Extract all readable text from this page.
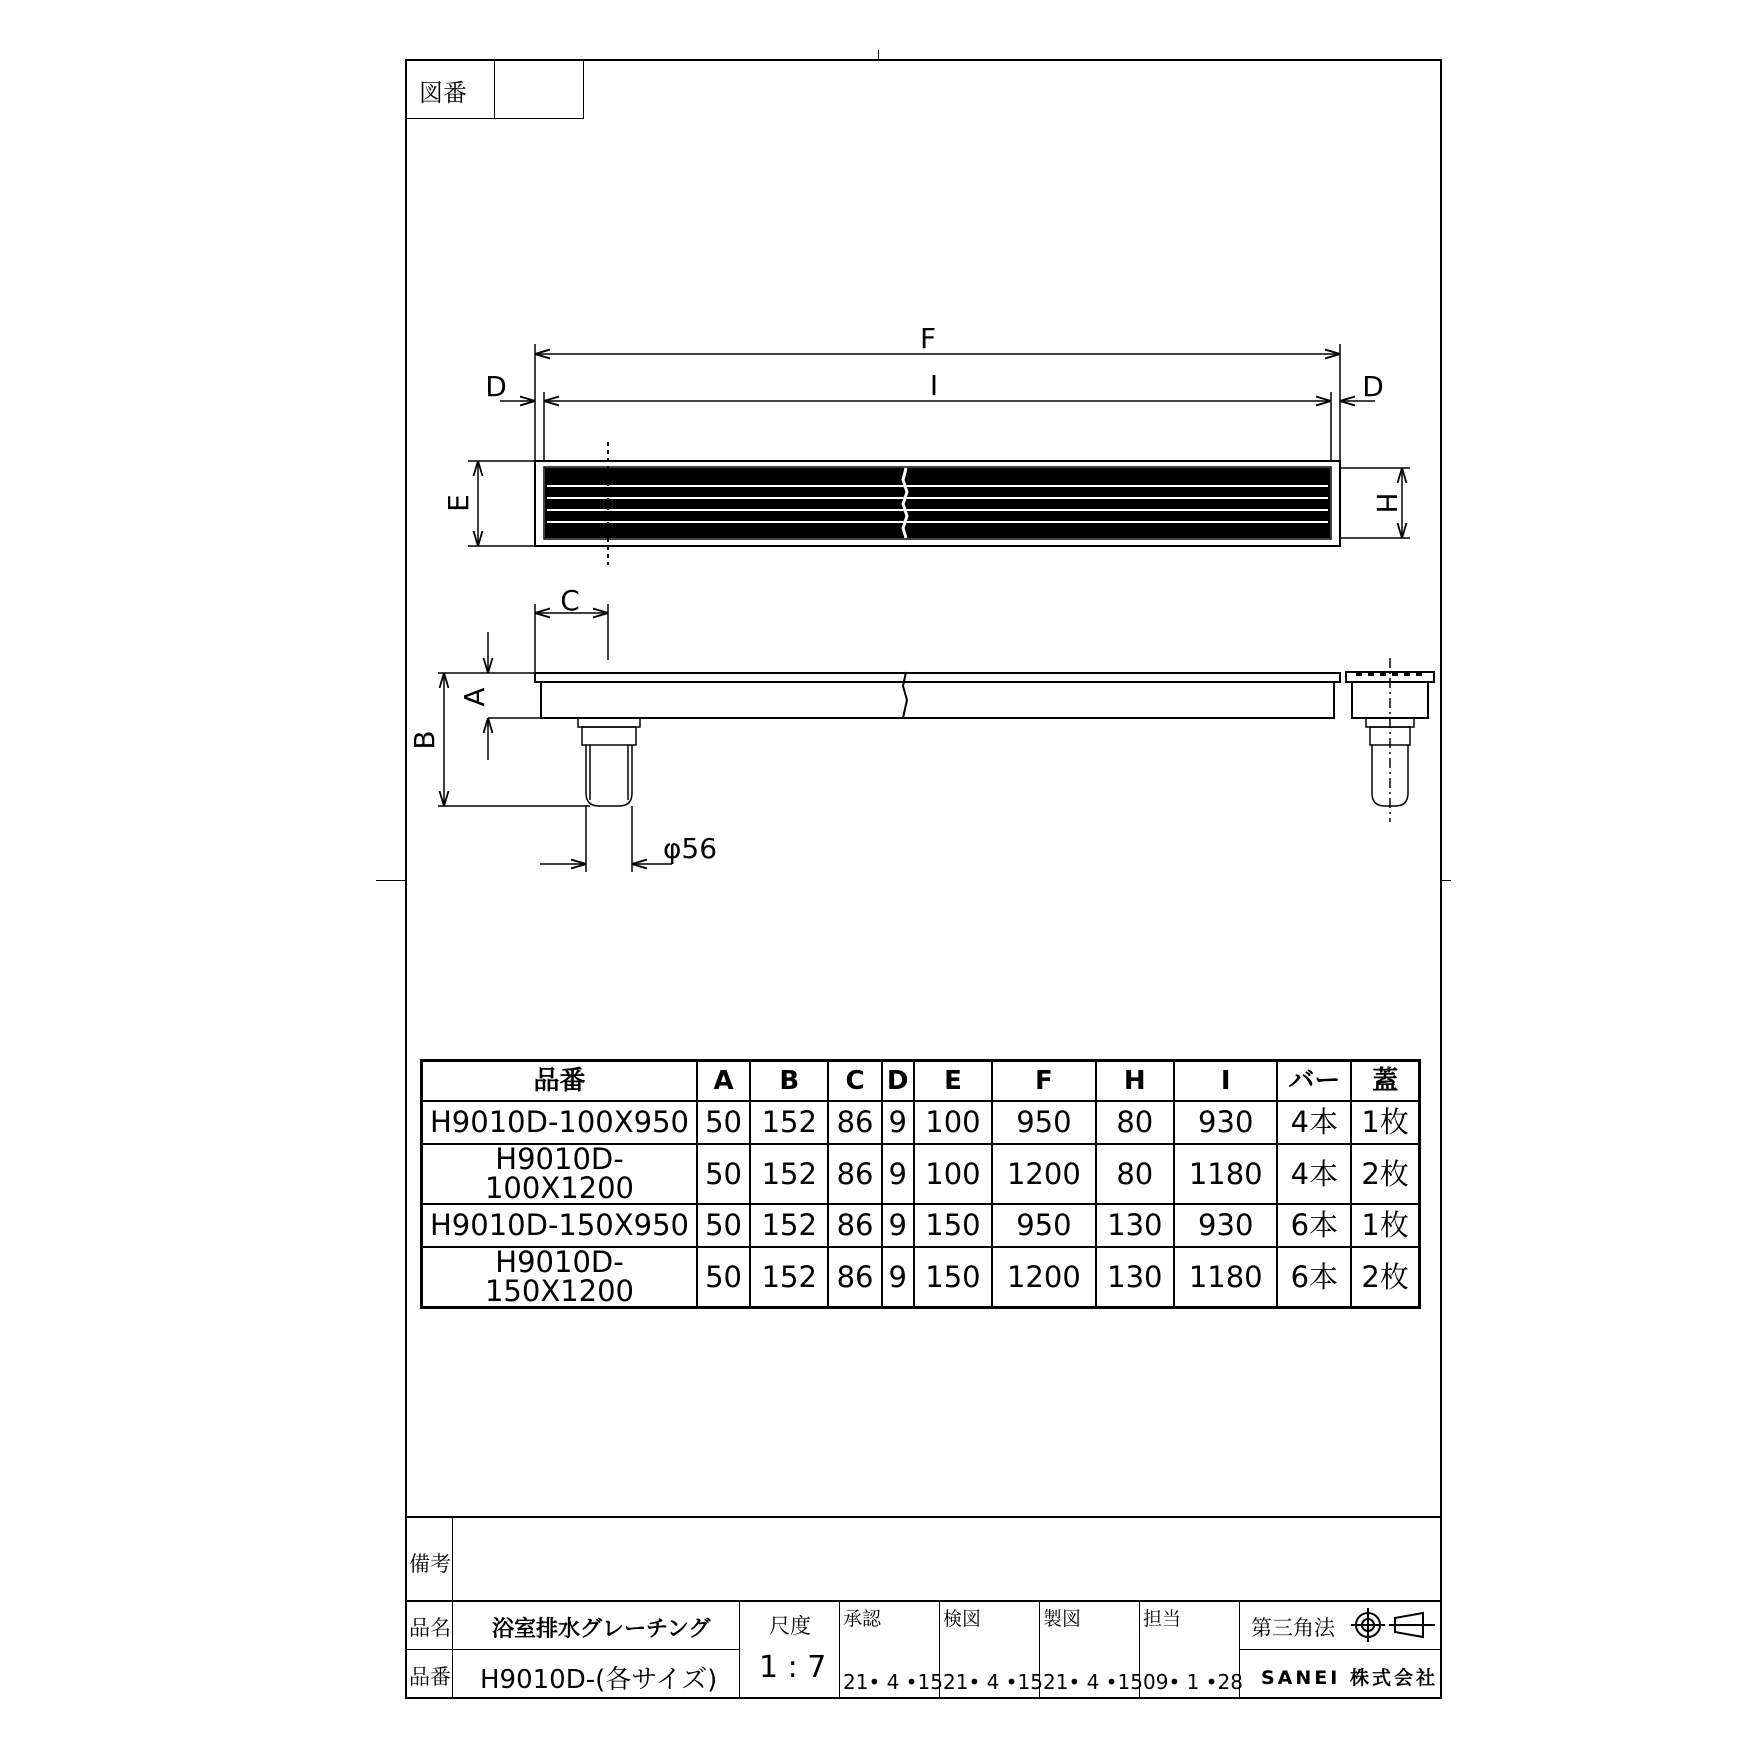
図番
F
I
D	D
E	H
C
A
B
φ56
品番	A	B	C	D	E	F	H	I	バー	蓋
H9010D-100X950	50	152	86	9	100	950	80	930	4本	1枚
H9010D-100X1200	50	152	86	9	100	1200	80	1180	4本	2枚
H9010D-150X950	50	152	86	9	150	950	130	930	6本	1枚
H9010D-150X1200	50	152	86	9	150	1200	130	1180	6本	2枚
備考
品名 浴室排水グレーチング
品番 H9010D-(各サイズ)
尺度
1 : 7
承認
21• 4 •15
検図
21• 4 •15
製図
21• 4 •15
担当
09• 1 •28
第三角法
SANEI 株式会社
